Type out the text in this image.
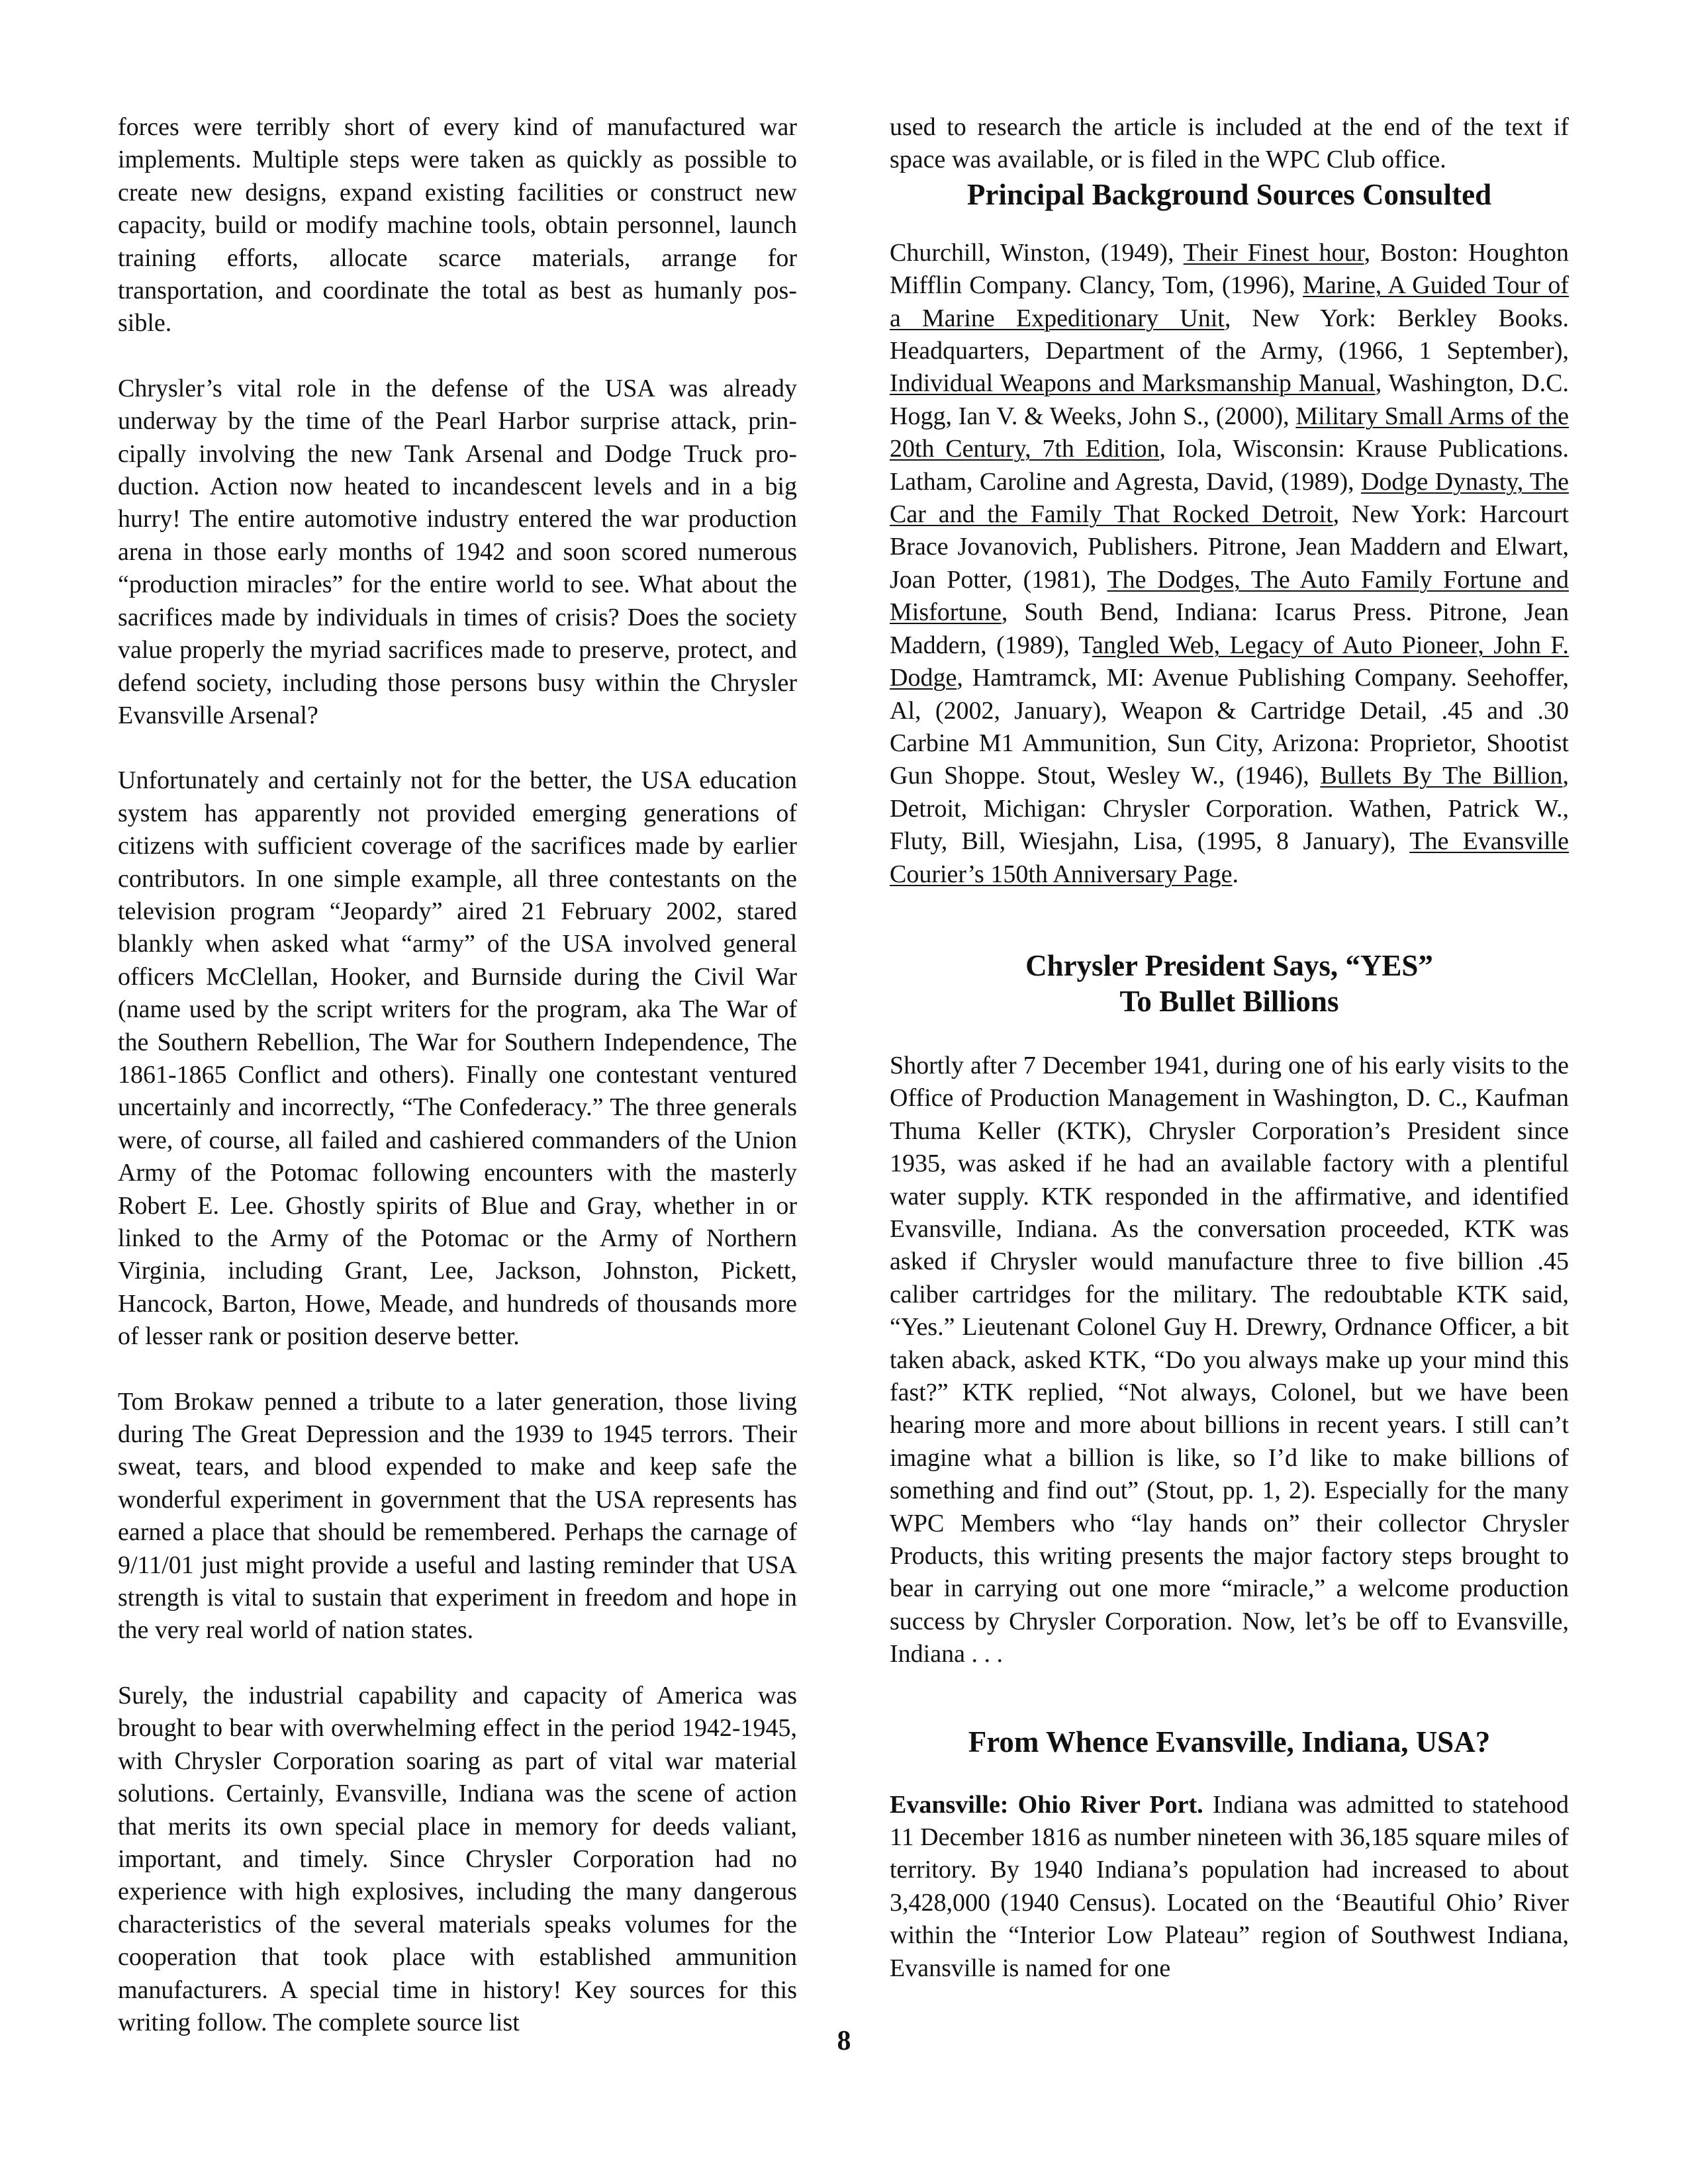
forces were terribly short of every kind of manufactured war implements. Multiple steps were taken as quickly as possible to create new designs, expand existing facilities or construct new capacity, build or modify machine tools, obtain personnel, launch training efforts, allocate scarce materials, arrange for transportation, and coordinate the total as best as humanly possible.

Chrysler’s vital role in the defense of the USA was already underway by the time of the Pearl Harbor surprise attack, principally involving the new Tank Arsenal and Dodge Truck production. Action now heated to incandescent levels and in a big hurry! The entire automotive industry entered the war production arena in those early months of 1942 and soon scored numerous “production miracles” for the entire world to see. What about the sacrifices made by individuals in times of crisis? Does the society value properly the myriad sacrifices made to preserve, protect, and defend society, including those persons busy within the Chrysler Evansville Arsenal?

Unfortunately and certainly not for the better, the USA education system has apparently not provided emerging generations of citizens with sufficient coverage of the sacrifices made by earlier contributors. In one simple example, all three contestants on the television program “Jeopardy” aired 21 February 2002, stared blankly when asked what “army” of the USA involved general officers McClellan, Hooker, and Burnside during the Civil War (name used by the script writers for the program, aka The War of the Southern Rebellion, The War for Southern Independence, The 1861-1865 Conflict and others). Finally one contestant ventured uncertainly and incorrectly, “The Confederacy.” The three generals were, of course, all failed and cashiered commanders of the Union Army of the Potomac following encounters with the masterly Robert E. Lee. Ghostly spirits of Blue and Gray, whether in or linked to the Army of the Potomac or the Army of Northern Virginia, including Grant, Lee, Jackson, Johnston, Pickett, Hancock, Barton, Howe, Meade, and hundreds of thousands more of lesser rank or position deserve better.

Tom Brokaw penned a tribute to a later generation, those living during The Great Depression and the 1939 to 1945 terrors. Their sweat, tears, and blood expended to make and keep safe the wonderful experiment in government that the USA represents has earned a place that should be remembered. Perhaps the carnage of 9/11/01 just might provide a useful and lasting reminder that USA strength is vital to sustain that experiment in freedom and hope in the very real world of nation states.

Surely, the industrial capability and capacity of America was brought to bear with overwhelming effect in the period 1942-1945, with Chrysler Corporation soaring as part of vital war material solutions. Certainly, Evansville, Indiana was the scene of action that merits its own special place in memory for deeds valiant, important, and timely. Since Chrysler Corporation had no experience with high explosives, including the many dangerous characteristics of the several materials speaks volumes for the cooperation that took place with established ammunition manufacturers. A special time in history! Key sources for this writing follow. The complete source list

used to research the article is included at the end of the text if space was available, or is filed in the WPC Club office.

Principal Background Sources Consulted

Churchill, Winston, (1949), Their Finest hour, Boston: Houghton Mifflin Company. Clancy, Tom, (1996), Marine, A Guided Tour of a Marine Expeditionary Unit, New York: Berkley Books. Headquarters, Department of the Army, (1966, 1 September), Individual Weapons and Marksmanship Manual, Washington, D.C. Hogg, Ian V. & Weeks, John S., (2000), Military Small Arms of the 20th Century, 7th Edition, Iola, Wisconsin: Krause Publications. Latham, Caroline and Agresta, David, (1989), Dodge Dynasty, The Car and the Family That Rocked Detroit, New York: Harcourt Brace Jovanovich, Publishers. Pitrone, Jean Maddern and Elwart, Joan Potter, (1981), The Dodges, The Auto Family Fortune and Misfortune, South Bend, Indiana: Icarus Press. Pitrone, Jean Maddern, (1989), Tangled Web, Legacy of Auto Pioneer, John F. Dodge, Hamtramck, MI: Avenue Publishing Company. Seehoffer, Al, (2002, January), Weapon & Cartridge Detail, .45 and .30 Carbine M1 Ammunition, Sun City, Arizona: Proprietor, Shootist Gun Shoppe. Stout, Wesley W., (1946), Bullets By The Billion, Detroit, Michigan: Chrysler Corporation. Wathen, Patrick W., Fluty, Bill, Wiesjahn, Lisa, (1995, 8 January), The Evansville Courier’s 150th Anniversary Page.

Chrysler President Says, “YES”
To Bullet Billions

Shortly after 7 December 1941, during one of his early visits to the Office of Production Management in Washington, D. C., Kaufman Thuma Keller (KTK), Chrysler Corporation’s President since 1935, was asked if he had an available factory with a plentiful water supply. KTK responded in the affirmative, and identified Evansville, Indiana. As the conversation proceeded, KTK was asked if Chrysler would manufacture three to five billion .45 caliber cartridges for the military. The redoubtable KTK said, “Yes.” Lieutenant Colonel Guy H. Drewry, Ordnance Officer, a bit taken aback, asked KTK, “Do you always make up your mind this fast?” KTK replied, “Not always, Colonel, but we have been hearing more and more about billions in recent years. I still can’t imagine what a billion is like, so I’d like to make billions of something and find out” (Stout, pp. 1, 2). Especially for the many WPC Members who “lay hands on” their collector Chrysler Products, this writing presents the major factory steps brought to bear in carrying out one more “miracle,” a welcome production success by Chrysler Corporation. Now, let’s be off to Evansville, Indiana . . .

From Whence Evansville, Indiana, USA?

Evansville: Ohio River Port. Indiana was admitted to statehood 11 December 1816 as number nineteen with 36,185 square miles of territory. By 1940 Indiana’s population had increased to about 3,428,000 (1940 Census). Located on the ‘Beautiful Ohio’ River within the “Interior Low Plateau” region of Southwest Indiana, Evansville is named for one

8
